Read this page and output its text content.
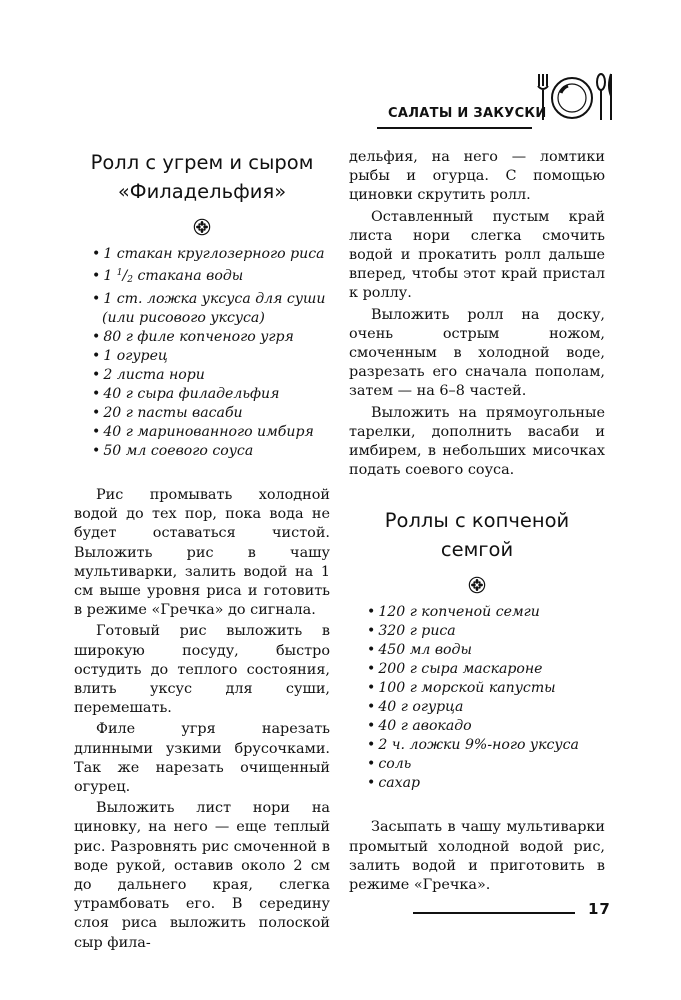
САЛАТЫ И ЗАКУСКИ
Ролл с угрем и сыром
«Филадельфия»
• 1 стакан круглозерного риса
• 1 $^1$/2 стакана воды
• 1 ст. ложка уксуса для суши
(или рисового уксуса)
• 80 г филе копченого угря
• 1 огурец
• 2 листа нори
• 40 г сыра филадельфия
• 20 г пасты васаби
• 40 г маринованного имбиря
• 50 мл соевого соуса

Рис промывать холодной водой до тех пор, пока вода не будет оставаться чистой. Выложить рис в чашу мультиварки, залить водой на 1 см выше уровня риса и готовить в режиме «Гречка» до сигнала.

Готовый рис выложить в широкую посуду, быстро остудить до теплого состояния, влить уксус для суши, перемешать.

Филе угря нарезать длинными узкими брусочками. Так же нарезать очищенный огурец.

Выложить лист нори на циновку, на него — еще теплый рис. Разровнять рис смоченной в воде рукой, оставив около 2 см до дальнего края, слегка утрамбовать его. В середину слоя риса выложить полоской сыр фила-

дельфия, на него — ломтики рыбы и огурца. С помощью циновки скрутить ролл.

Оставленный пустым край листа нори слегка смочить водой и прокатить ролл дальше вперед, чтобы этот край пристал к роллу.

Выложить ролл на доску, очень острым ножом, смоченным в холодной воде, разрезать его сначала пополам, затем — на 6–8 частей.

Выложить на прямоугольные тарелки, дополнить васаби и имбирем, в небольших мисочках подать соевого соуса.

Роллы с копченой
семгой
• 120 г копченой семги
• 320 г риса
• 450 мл воды
• 200 г сыра маскароне
• 100 г морской капусты
• 40 г огурца
• 40 г авокадо
• 2 ч. ложки 9%-ного уксуса
• соль
• сахар

Засыпать в чашу мультиварки промытый холодной водой рис, залить водой и приготовить в режиме «Гречка».

17
